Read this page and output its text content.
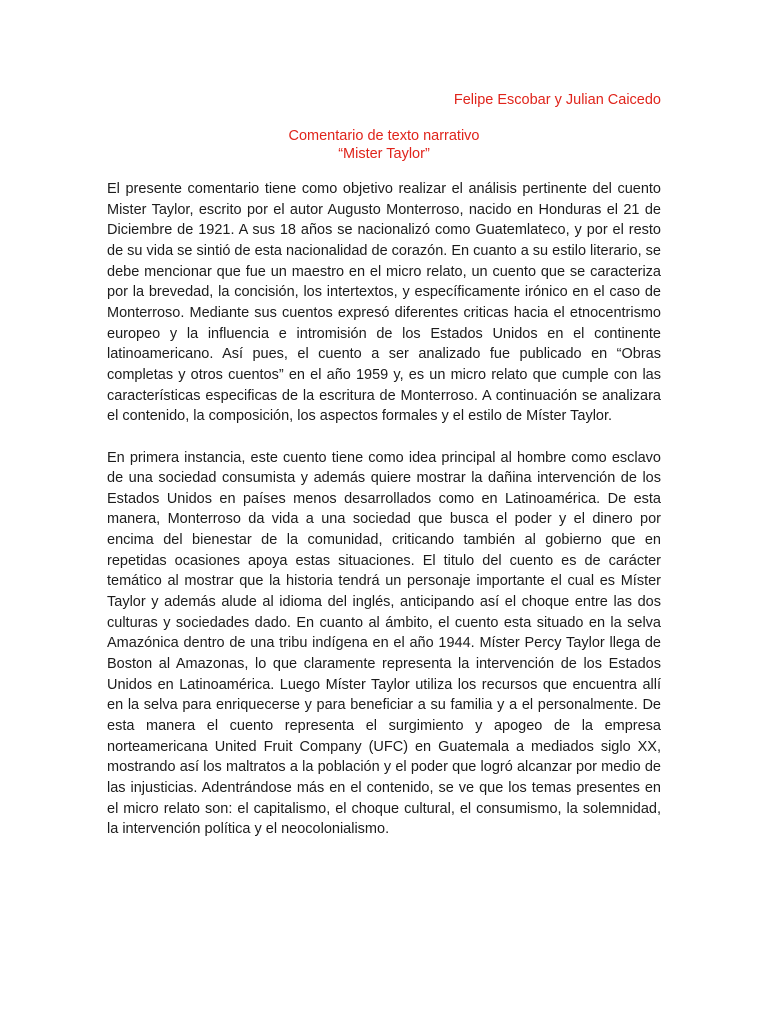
Felipe Escobar y Julian Caicedo
Comentario de texto narrativo
“Mister Taylor”

El presente comentario tiene como objetivo realizar el análisis pertinente del cuento Mister Taylor, escrito por el autor Augusto Monterroso, nacido en Honduras el 21 de Diciembre de 1921. A sus 18 años se nacionalizó como Guatemlateco, y por el resto de su vida se sintió de esta nacionalidad de corazón. En cuanto a su estilo literario, se debe mencionar que fue un maestro en el micro relato, un cuento que se caracteriza por la brevedad, la concisión, los intertextos, y específicamente irónico en el caso de Monterroso. Mediante sus cuentos expresó diferentes criticas hacia el etnocentrismo europeo y la influencia e intromisión de los Estados Unidos en el continente latinoamericano. Así pues, el cuento a ser analizado fue publicado en “Obras completas y otros cuentos” en el año 1959 y, es un micro relato que cumple con las características especificas de la escritura de Monterroso. A continuación se analizara el contenido, la composición, los aspectos formales y el estilo de Míster Taylor.

En primera instancia, este cuento tiene como idea principal al hombre como esclavo de una sociedad consumista y además quiere mostrar la dañina intervención de los Estados Unidos en países menos desarrollados como en Latinoamérica. De esta manera, Monterroso da vida a una sociedad que busca el poder y el dinero por encima del bienestar de la comunidad, criticando también al gobierno que en repetidas ocasiones apoya estas situaciones. El titulo del cuento es de carácter temático al mostrar que la historia tendrá un personaje importante el cual es Míster Taylor y además alude al idioma del inglés, anticipando así el choque entre las dos culturas y sociedades dado. En cuanto al ámbito, el cuento esta situado en la selva Amazónica dentro de una tribu indígena en el año 1944. Míster Percy Taylor llega de Boston al Amazonas, lo que claramente representa la intervención de los Estados Unidos en Latinoamérica. Luego Míster Taylor utiliza los recursos que encuentra allí en la selva para enriquecerse y para beneficiar a su familia y a el personalmente. De esta manera el cuento representa el surgimiento y apogeo de la empresa norteamericana United Fruit Company (UFC) en Guatemala a mediados siglo XX, mostrando así los maltratos a la población y el poder que logró alcanzar por medio de las injusticias. Adentrándose más en el contenido, se ve que los temas presentes en el micro relato son: el capitalismo, el choque cultural, el consumismo, la solemnidad, la intervención política y el neocolonialismo.
